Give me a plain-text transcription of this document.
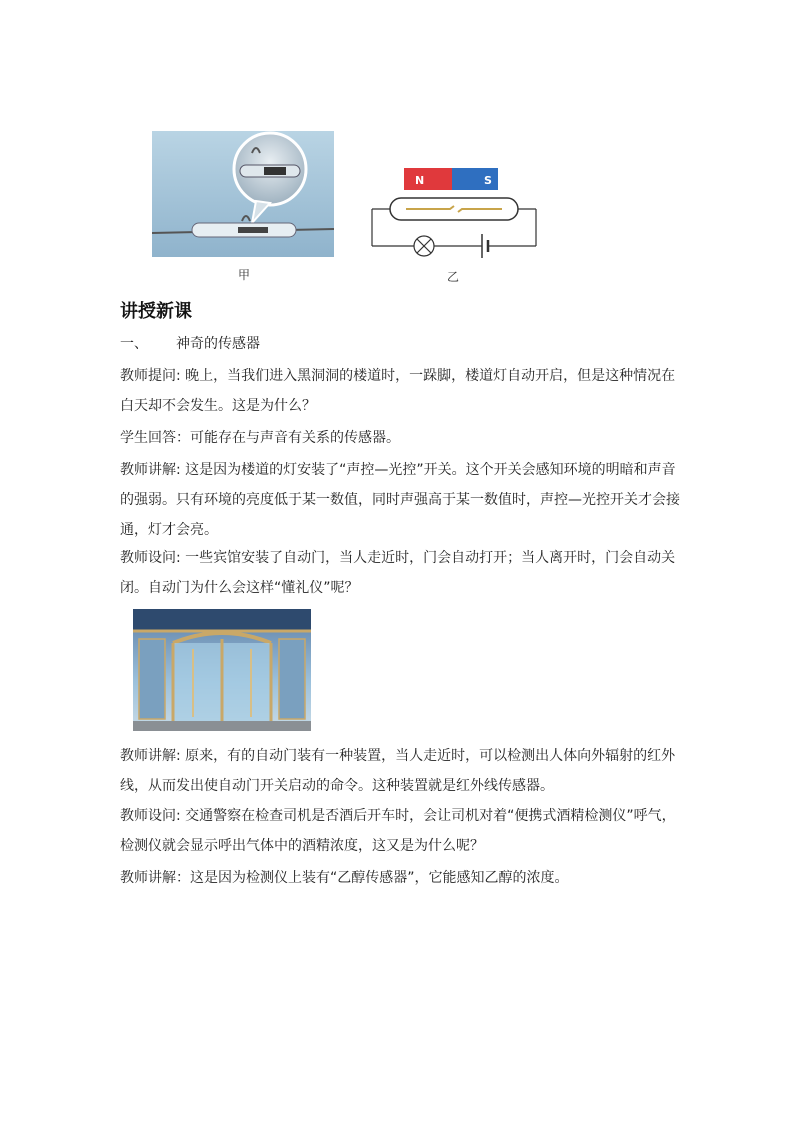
甲
N	S
乙
讲授新课
一、 神奇的传感器

教师提问: 晚上，当我们进入黑洞洞的楼道时，一跺脚，楼道灯自动开启，但是这种情况在白天却不会发生。这是为什么？

学生回答：可能存在与声音有关系的传感器。

教师讲解: 这是因为楼道的灯安装了“声控—光控”开关。这个开关会感知环境的明暗和声音的强弱。只有环境的亮度低于某一数值，同时声强高于某一数值时，声控—光控开关才会接通，灯才会亮。

教师设问: 一些宾馆安装了自动门，当人走近时，门会自动打开；当人离开时，门会自动关闭。自动门为什么会这样“懂礼仪”呢？

教师讲解: 原来，有的自动门装有一种装置，当人走近时，可以检测出人体向外辐射的红外线，从而发出使自动门开关启动的命令。这种装置就是红外线传感器。

教师设问: 交通警察在检查司机是否酒后开车时，会让司机对着“便携式酒精检测仪”呼气，检测仪就会显示呼出气体中的酒精浓度，这又是为什么呢？

教师讲解：这是因为检测仪上装有“乙醇传感器”，它能感知乙醇的浓度。
